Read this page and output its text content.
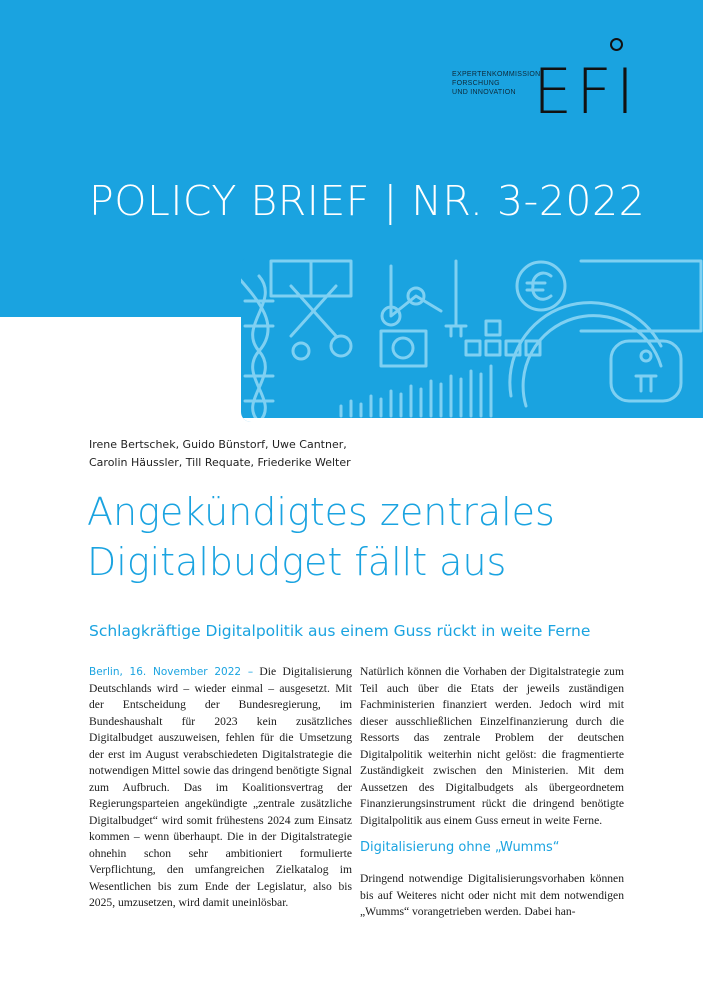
EXPERTENKOMMISSION
FORSCHUNG
UND INNOVATION EFI
POLICY BRIEF | NR. 3-2022
Irene Bertschek, Guido Bünstorf, Uwe Cantner,
Carolin Häussler, Till Requate, Friederike Welter
Angekündigtes zentrales
Digitalbudget fällt aus
Schlagkräftige Digitalpolitik aus einem Guss rückt in weite Ferne

Berlin, 16. November 2022 – Die Digitalisierung Deutschlands wird – wieder einmal – ausgesetzt. Mit der Entscheidung der Bundesregierung, im Bundeshaushalt für 2023 kein zusätzliches Digitalbudget auszuweisen, fehlen für die Umsetzung der erst im August verabschiedeten Digitalstrategie die notwendigen Mittel sowie das dringend benötigte Signal zum Aufbruch. Das im Koalitionsvertrag der Regierungsparteien angekündigte „zentrale zusätzliche Digitalbudget“ wird somit frühestens 2024 zum Einsatz kommen – wenn überhaupt. Die in der Digitalstrategie ohnehin schon sehr ambitioniert formulierte Verpflichtung, den umfangreichen Zielkatalog im Wesentlichen bis zum Ende der Legislatur, also bis 2025, umzusetzen, wird damit uneinlösbar.

Natürlich können die Vorhaben der Digitalstrategie zum Teil auch über die Etats der jeweils zuständigen Fachministerien finanziert werden. Jedoch wird mit dieser ausschließlichen Einzelfinanzierung durch die Ressorts das zentrale Problem der deutschen Digitalpolitik weiterhin nicht gelöst: die fragmentierte Zuständigkeit zwischen den Ministerien. Mit dem Aussetzen des Digitalbudgets als übergeordnetem Finanzierungsinstrument rückt die dringend benötigte Digitalpolitik aus einem Guss erneut in weite Ferne.

Digitalisierung ohne „Wumms“

Dringend notwendige Digitalisierungsvorhaben können bis auf Weiteres nicht oder nicht mit dem notwendigen „Wumms“ vorangetrieben werden. Dabei han-
